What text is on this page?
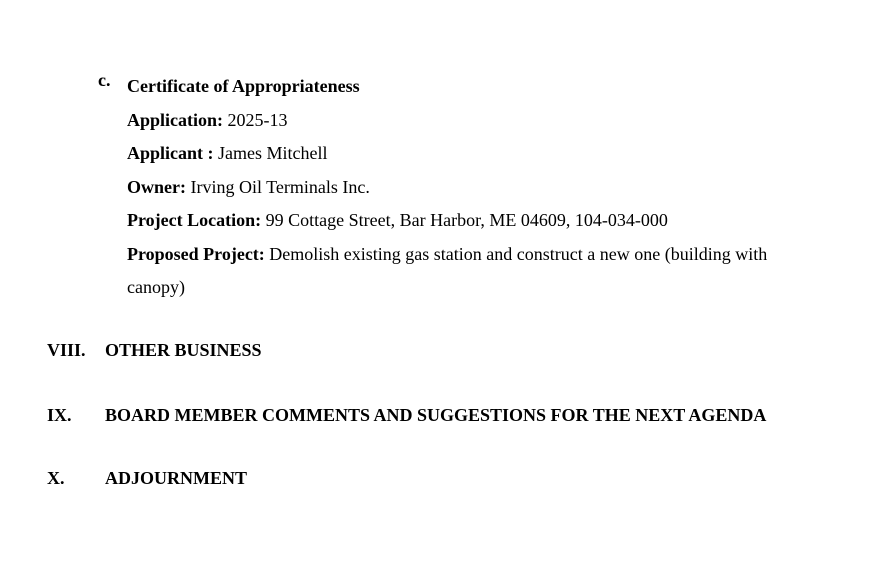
c. Certificate of Appropriateness
Application: 2025-13
Applicant : James Mitchell
Owner: Irving Oil Terminals Inc.
Project Location: 99 Cottage Street, Bar Harbor, ME 04609, 104-034-000
Proposed Project: Demolish existing gas station and construct a new one (building with canopy)
VIII. OTHER BUSINESS
IX. BOARD MEMBER COMMENTS AND SUGGESTIONS FOR THE NEXT AGENDA
X. ADJOURNMENT
